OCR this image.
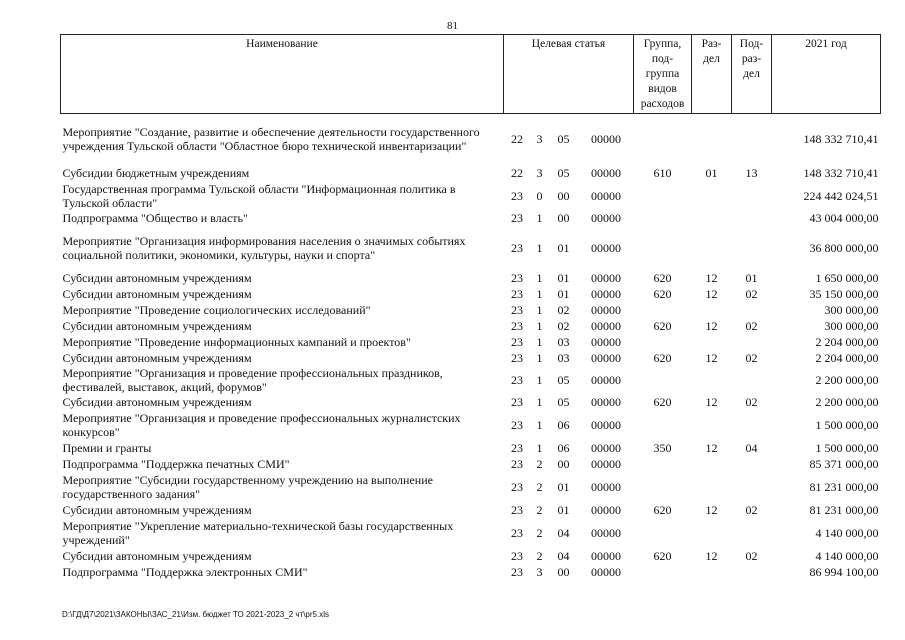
81
Наименование	Целевая статья				Группа, под- группа видов расходов	Раз- дел	Под- раз- дел	2021 год
Мероприятие "Создание, развитие и обеспечение деятельности государственного учреждения Тульской области "Областное бюро технической инвентаризации"	22	3	05	00000				148 332 710,41
Субсидии бюджетным учреждениям	22	3	05	00000	610	01	13	148 332 710,41
Государственная программа Тульской области "Информационная политика в Тульской области"	23	0	00	00000				224 442 024,51
Подпрограмма "Общество и власть"	23	1	00	00000				43 004 000,00
Мероприятие "Организация информирования населения о значимых событиях социальной политики, экономики, культуры, науки и спорта"	23	1	01	00000				36 800 000,00
Субсидии автономным учреждениям	23	1	01	00000	620	12	01	1 650 000,00
Субсидии автономным учреждениям	23	1	01	00000	620	12	02	35 150 000,00
Мероприятие "Проведение социологических исследований"	23	1	02	00000				300 000,00
Субсидии автономным учреждениям	23	1	02	00000	620	12	02	300 000,00
Мероприятие "Проведение информационных кампаний и проектов"	23	1	03	00000				2 204 000,00
Субсидии автономным учреждениям	23	1	03	00000	620	12	02	2 204 000,00
Мероприятие "Организация и проведение профессиональных праздников, фестивалей, выставок, акций, форумов"	23	1	05	00000				2 200 000,00
Субсидии автономным учреждениям	23	1	05	00000	620	12	02	2 200 000,00
Мероприятие "Организация и проведение профессиональных журналистских конкурсов"	23	1	06	00000				1 500 000,00
Премии и гранты	23	1	06	00000	350	12	04	1 500 000,00
Подпрограмма "Поддержка печатных СМИ"	23	2	00	00000				85 371 000,00
Мероприятие "Субсидии государственному учреждению на выполнение государственного задания"	23	2	01	00000				81 231 000,00
Субсидии автономным учреждениям	23	2	01	00000	620	12	02	81 231 000,00
Мероприятие "Укрепление материально-технической базы государственных учреждений"	23	2	04	00000				4 140 000,00
Субсидии автономным учреждениям	23	2	04	00000	620	12	02	4 140 000,00
Подпрограмма "Поддержка электронных СМИ"	23	3	00	00000				86 994 100,00
D:\ГД\Д7\2021\ЗАКОНЫ\ЗАС_21\Изм. бюджет ТО 2021-2023_2 чт\pr5.xls
